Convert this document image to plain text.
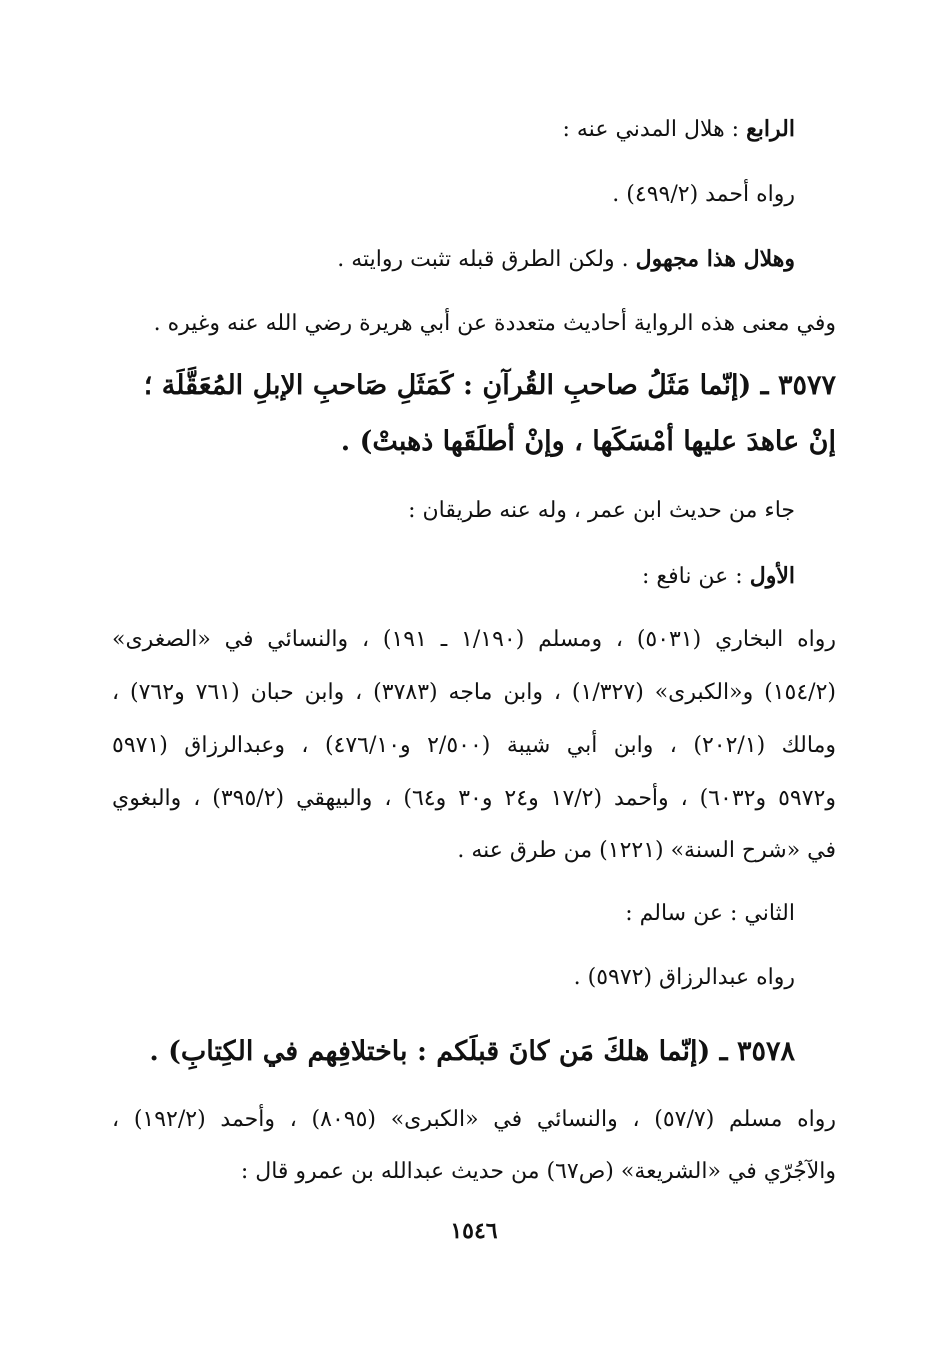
الرابع : هلال المدني عنه :
رواه أحمد (٤٩٩/٢) .
وهلال هذا مجهول . ولكن الطرق قبله تثبت روايته .
وفي معنى هذه الرواية أحاديث متعددة عن أبي هريرة رضي الله عنه وغيره .
٣٥٧٧ ـ (إنّما مَثَلُ صاحبِ القُرآنِ : كَمَثَلِ صَاحبِ الإبلِ المُعَقَّلَة ؛
إنْ عاهدَ عليها أمْسَكَها ، وإنْ أطلَقَها ذهبتْ) .
جاء من حديث ابن عمر ، وله عنه طريقان :
الأول : عن نافع :
رواه البخاري (٥٠٣١) ، ومسلم (١/١٩٠ ـ ١٩١) ، والنسائي في «الصغرى»
(١٥٤/٢) و«الكبرى» (١/٣٢٧) ، وابن ماجه (٣٧٨٣) ، وابن حبان (٧٦١ و٧٦٢) ،
ومالك (٢٠٢/١) ، وابن أبي شيبة (٢/٥٠٠ و٤٧٦/١٠) ، وعبدالرزاق (٥٩٧١
و٥٩٧٢ و٦٠٣٢) ، وأحمد (١٧/٢ و٢٤ و٣٠ و٦٤) ، والبيهقي (٣٩٥/٢) ، والبغوي
في «شرح السنة» (١٢٢١) من طرق عنه .
الثاني : عن سالم :
رواه عبدالرزاق (٥٩٧٢) .
٣٥٧٨ ـ (إنّما هلكَ مَن كانَ قبلَكم : باختلافِهم في الكِتابِ) .
رواه مسلم (٥٧/٧) ، والنسائي في «الكبرى» (٨٠٩٥) ، وأحمد (١٩٢/٢) ،
والآجُرّي في «الشريعة» (ص٦٧) من حديث عبدالله بن عمرو قال :
١٥٤٦
